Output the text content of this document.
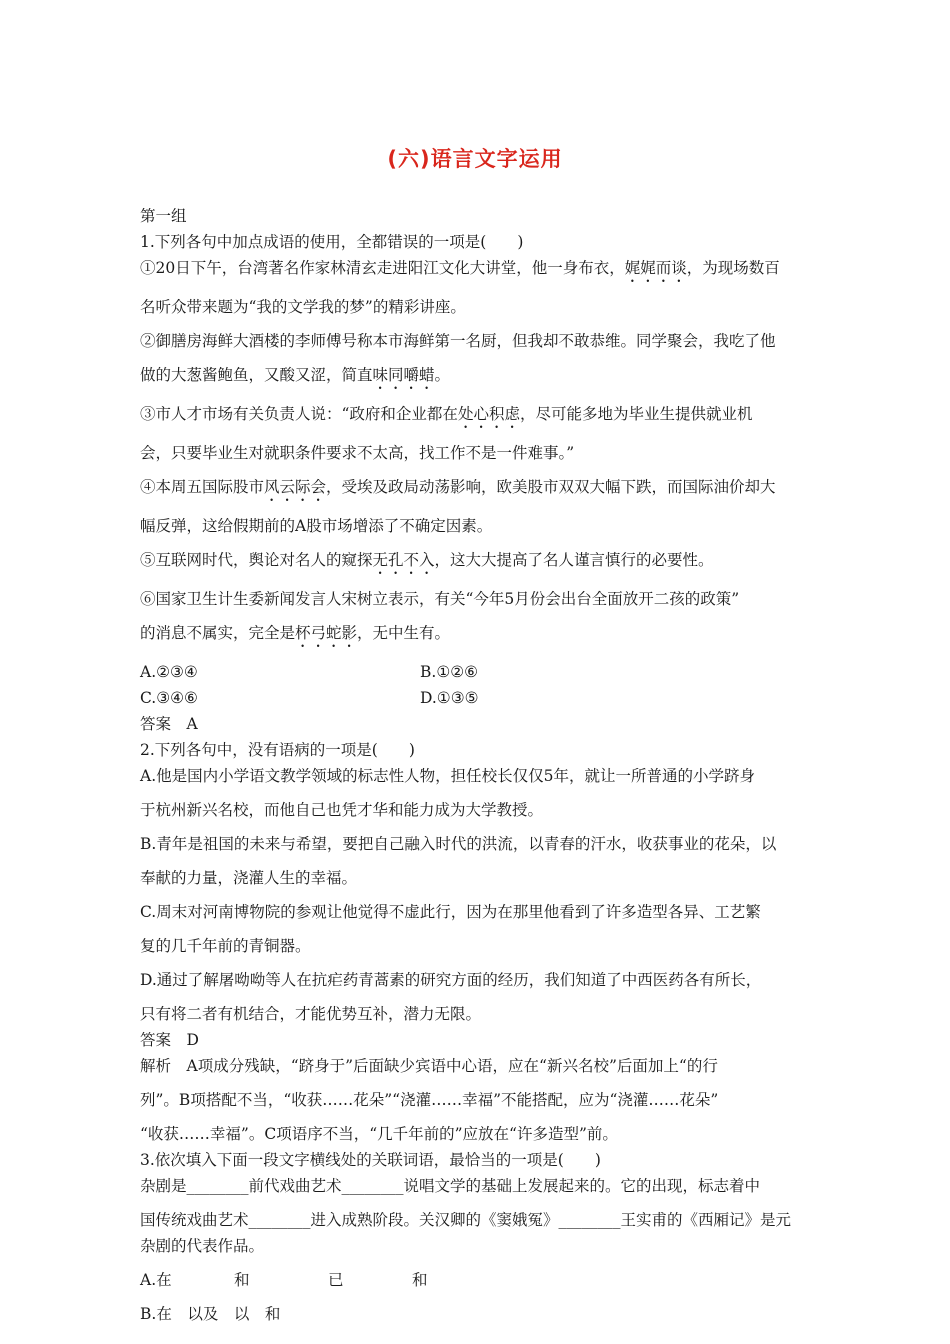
(六)语言文字运用
第一组
1.下列各句中加点成语的使用，全都错误的一项是(　　)
①20日下午，台湾著名作家林清玄走进阳江文化大讲堂，他一身布衣，娓娓而谈，为现场数百
名听众带来题为“我的文学我的梦”的精彩讲座。
②御膳房海鲜大酒楼的李师傅号称本市海鲜第一名厨，但我却不敢恭维。同学聚会，我吃了他
做的大葱酱鲍鱼，又酸又涩，简直味同嚼蜡。
③市人才市场有关负责人说：“政府和企业都在处心积虑，尽可能多地为毕业生提供就业机
会，只要毕业生对就职条件要求不太高，找工作不是一件难事。”
④本周五国际股市风云际会，受埃及政局动荡影响，欧美股市双双大幅下跌，而国际油价却大
幅反弹，这给假期前的A股市场增添了不确定因素。
⑤互联网时代，舆论对名人的窥探无孔不入，这大大提高了名人谨言慎行的必要性。
⑥国家卫生计生委新闻发言人宋树立表示，有关“今年5月份会出台全面放开二孩的政策”
的消息不属实，完全是杯弓蛇影，无中生有。
A.②③④	B.①②⑥
C.③④⑥	D.①③⑤
答案　A
2.下列各句中，没有语病的一项是(　　)
A.他是国内小学语文教学领域的标志性人物，担任校长仅仅5年，就让一所普通的小学跻身
于杭州新兴名校，而他自己也凭才华和能力成为大学教授。
B.青年是祖国的未来与希望，要把自己融入时代的洪流，以青春的汗水，收获事业的花朵，以
奉献的力量，浇灌人生的幸福。
C.周末对河南博物院的参观让他觉得不虚此行，因为在那里他看到了许多造型各异、工艺繁
复的几千年前的青铜器。
D.通过了解屠呦呦等人在抗疟药青蒿素的研究方面的经历，我们知道了中西医药各有所长，
只有将二者有机结合，才能优势互补，潜力无限。
答案　D
解析　A项成分残缺，“跻身于”后面缺少宾语中心语，应在“新兴名校”后面加上“的行
列”。B项搭配不当，“收获……花朵”“浇灌……幸福”不能搭配，应为“浇灌……花朵”
“收获……幸福”。C项语序不当，“几千年前的”应放在“许多造型”前。
3.依次填入下面一段文字横线处的关联词语，最恰当的一项是(　　)
杂剧是________前代戏曲艺术________说唱文学的基础上发展起来的。它的出现，标志着中
国传统戏曲艺术________进入成熟阶段。关汉卿的《窦娥冤》________王实甫的《西厢记》是元
杂剧的代表作品。
A.在	和	已	和
B.在　以及　以　和
